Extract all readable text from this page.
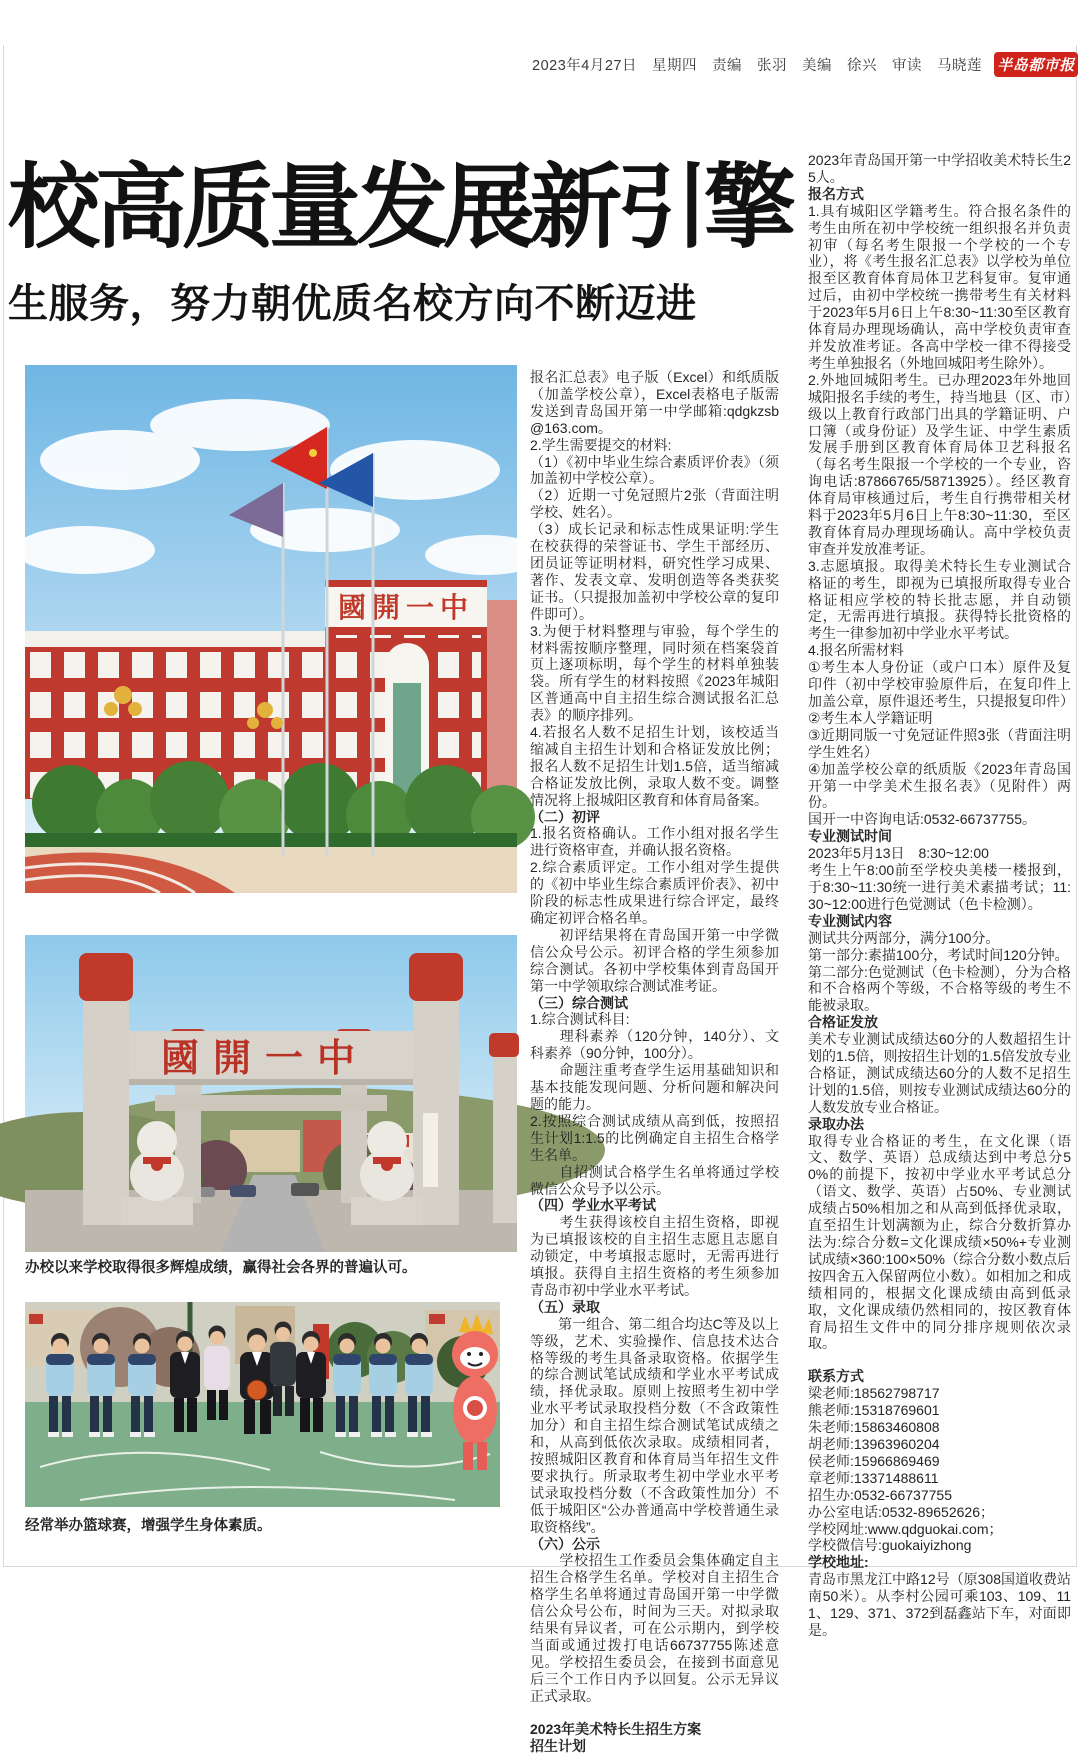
2023年4月27日　星期四　责编　张羽　美编　徐兴　审读　马晓莲 半岛都市报
校高质量发展新引擎
生服务，努力朝优质名校方向不断迈进
國開一中
國開一中
办校以来学校取得很多辉煌成绩，赢得社会各界的普遍认可。
经常举办篮球赛，增强学生身体素质。

报名汇总表》电子版（Excel）和纸质版（加盖学校公章），Excel表格电子版需发送到青岛国开第一中学邮箱:qdgkzsb@163.com。

2.学生需要提交的材料:

（1）《初中毕业生综合素质评价表》（须加盖初中学校公章）。

（2）近期一寸免冠照片2张（背面注明学校、姓名）。

（3）成长记录和标志性成果证明:学生在校获得的荣誉证书、学生干部经历、团员证等证明材料，研究性学习成果、著作、发表文章、发明创造等各类获奖证书。（只提报加盖初中学校公章的复印件即可）。

3.为便于材料整理与审验，每个学生的材料需按顺序整理，同时须在档案袋首页上逐项标明，每个学生的材料单独装袋。所有学生的材料按照《2023年城阳区普通高中自主招生综合测试报名汇总表》的顺序排列。

4.若报名人数不足招生计划，该校适当缩减自主招生计划和合格证发放比例；报名人数不足招生计划1.5倍，适当缩减合格证发放比例，录取人数不变。调整情况将上报城阳区教育和体育局备案。

（二）初评

1.报名资格确认。工作小组对报名学生进行资格审查，并确认报名资格。

2.综合素质评定。工作小组对学生提供的《初中毕业生综合素质评价表》、初中阶段的标志性成果进行综合评定，最终确定初评合格名单。

　　初评结果将在青岛国开第一中学微信公众号公示。初评合格的学生须参加综合测试。各初中学校集体到青岛国开第一中学领取综合测试准考证。

（三）综合测试

1.综合测试科目:

　　理科素养（120分钟，140分）、文科素养（90分钟，100分）。

　　命题注重考查学生运用基础知识和基本技能发现问题、分析问题和解决问题的能力。

2.按照综合测试成绩从高到低，按照招生计划1:1.5的比例确定自主招生合格学生名单。

　　自招测试合格学生名单将通过学校微信公众号予以公示。

（四）学业水平考试

　　考生获得该校自主招生资格，即视为已填报该校的自主招生志愿且志愿自动锁定，中考填报志愿时，无需再进行填报。获得自主招生资格的考生须参加青岛市初中学业水平考试。

（五）录取

　　第一组合、第二组合均达C等及以上等级，艺术、实验操作、信息技术达合格等级的考生具备录取资格。依据学生的综合测试笔试成绩和学业水平考试成绩，择优录取。原则上按照考生初中学业水平考试录取投档分数（不含政策性加分）和自主招生综合测试笔试成绩之和，从高到低依次录取。成绩相同者，按照城阳区教育和体育局当年招生文件要求执行。所录取考生初中学业水平考试录取投档分数（不含政策性加分）不低于城阳区“公办普通高中学校普通生录取资格线”。

（六）公示

　　学校招生工作委员会集体确定自主招生合格学生名单。学校对自主招生合格学生名单将通过青岛国开第一中学微信公众号公布，时间为三天。对拟录取结果有异议者，可在公示期内，到学校当面或通过拨打电话66737755陈述意见。学校招生委员会，在接到书面意见后三个工作日内予以回复。公示无异议正式录取。

2023年美术特长生招生方案

招生计划

2023年青岛国开第一中学招收美术特长生25人。

报名方式

1.具有城阳区学籍考生。符合报名条件的考生由所在初中学校统一组织报名并负责初审（每名考生限报一个学校的一个专业），将《考生报名汇总表》以学校为单位报至区教育体育局体卫艺科复审。复审通过后，由初中学校统一携带考生有关材料于2023年5月6日上午8:30~11:30至区教育体育局办理现场确认，高中学校负责审查并发放准考证。各高中学校一律不得接受考生单独报名（外地回城阳考生除外）。

2.外地回城阳考生。已办理2023年外地回城阳报名手续的考生，持当地县（区、市）级以上教育行政部门出具的学籍证明、户口簿（或身份证）及学生证、中学生素质发展手册到区教育体育局体卫艺科报名（每名考生限报一个学校的一个专业，咨询电话:87866765/58713925）。经区教育体育局审核通过后，考生自行携带相关材料于2023年5月6日上午8:30~11:30，至区教育体育局办理现场确认。高中学校负责审查并发放准考证。

3.志愿填报。取得美术特长生专业测试合格证的考生，即视为已填报所取得专业合格证相应学校的特长批志愿，并自动锁定，无需再进行填报。获得特长批资格的考生一律参加初中学业水平考试。

4.报名所需材料

①考生本人身份证（或户口本）原件及复印件（初中学校审验原件后，在复印件上加盖公章，原件退还考生，只提报复印件）

②考生本人学籍证明

③近期同版一寸免冠证件照3张（背面注明学生姓名）

④加盖学校公章的纸质版《2023年青岛国开第一中学美术生报名表》（见附件）两份。

国开一中咨询电话:0532-66737755。

专业测试时间

2023年5月13日　8:30~12:00

考生上午8:00前至学校央美楼一楼报到，于8:30~11:30统一进行美术素描考试；11:30~12:00进行色觉测试（色卡检测）。

专业测试内容

测试共分两部分，满分100分。

第一部分:素描100分，考试时间120分钟。

第二部分:色觉测试（色卡检测），分为合格和不合格两个等级，不合格等级的考生不能被录取。

合格证发放

美术专业测试成绩达60分的人数超招生计划的1.5倍，则按招生计划的1.5倍发放专业合格证，测试成绩达60分的人数不足招生计划的1.5倍，则按专业测试成绩达60分的人数发放专业合格证。

录取办法

取得专业合格证的考生，在文化课（语文、数学、英语）总成绩达到中考总分50%的前提下，按初中学业水平考试总分（语文、数学、英语）占50%、专业测试成绩占50%相加之和从高到低择优录取，直至招生计划满额为止，综合分数折算办法为:综合分数=文化课成绩×50%+专业测试成绩×360:100×50%（综合分数小数点后按四舍五入保留两位小数）。如相加之和成绩相同的，根据文化课成绩由高到低录取，文化课成绩仍然相同的，按区教育体育局招生文件中的同分排序规则依次录取。

联系方式

梁老师:18562798717

熊老师:15318769601

朱老师:15863460808

胡老师:13963960204

侯老师:15966869469

章老师:13371488611

招生办:0532-66737755

办公室电话:0532-89652626；

学校网址:www.qdguokai.com；

学校微信号:guokaiyizhong

学校地址:

青岛市黑龙江中路12号（原308国道收费站南50米）。从李村公园可乘103、109、111、129、371、372到磊鑫站下车，对面即是。
